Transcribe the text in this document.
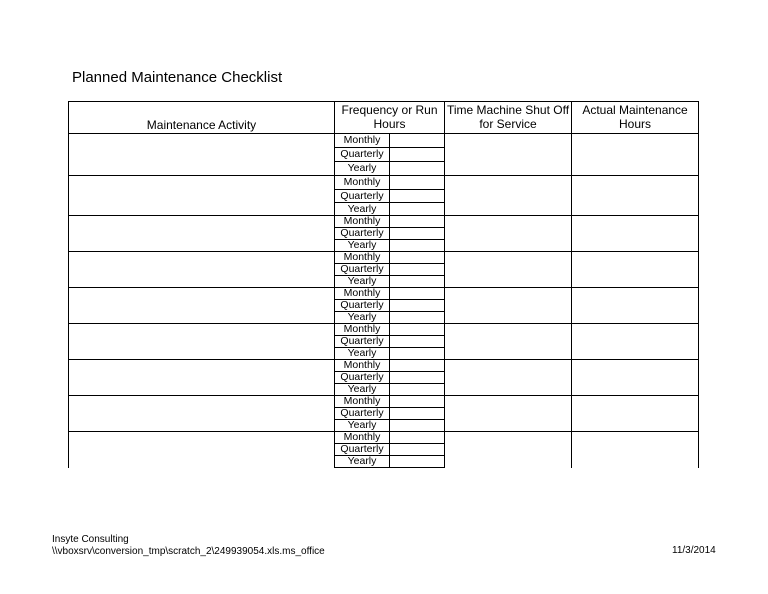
Planned Maintenance Checklist
Maintenance Activity	Frequency or Run Hours		Time Machine Shut Off for Service	Actual Maintenance Hours
	Monthly			
	Quarterly			
	Yearly			
	Monthly			
	Quarterly			
	Yearly			
	Monthly			
	Quarterly			
	Yearly			
	Monthly			
	Quarterly			
	Yearly			
	Monthly			
	Quarterly			
	Yearly			
	Monthly			
	Quarterly			
	Yearly			
	Monthly			
	Quarterly			
	Yearly			
	Monthly			
	Quarterly			
	Yearly			
	Monthly			
	Quarterly			
	Yearly			
Insyte Consulting
\\vboxsrv\conversion_tmp\scratch_2\249939054.xls.ms_office	11/3/2014
